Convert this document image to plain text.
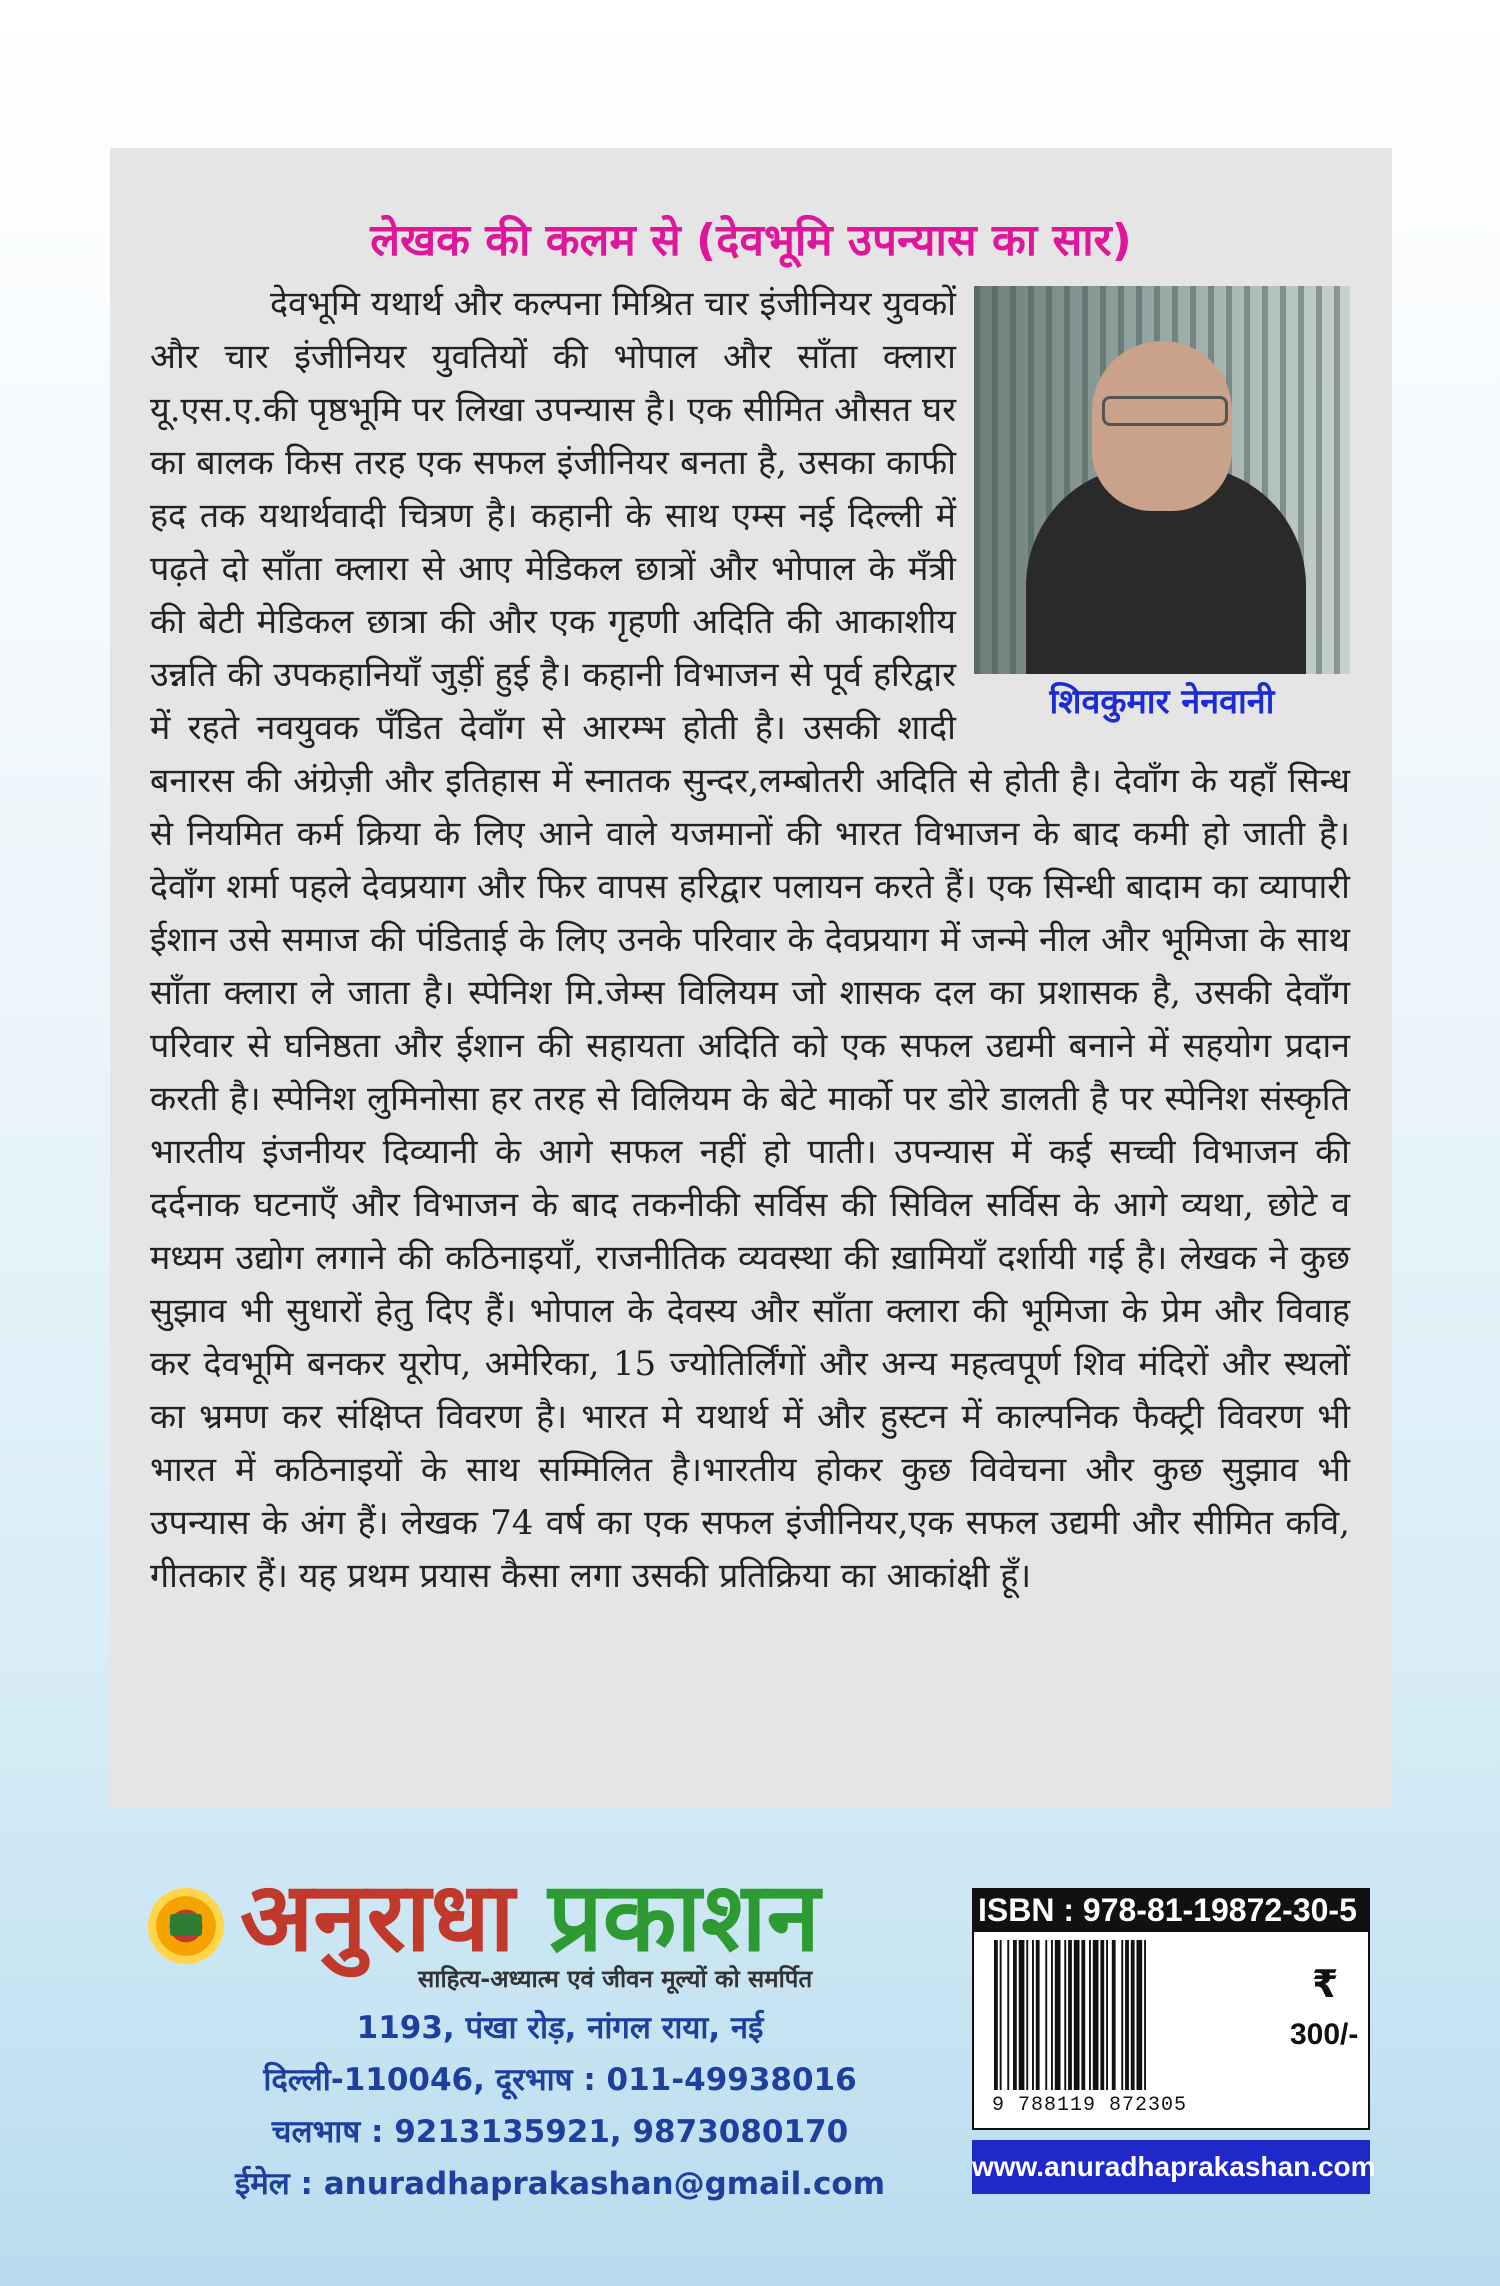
लेखक की कलम से (देवभूमि उपन्यास का सार)
शिवकुमार नेनवानी
देवभूमि यथार्थ और कल्पना मिश्रित चार इंजीनियर युवकों और चार इंजीनियर युवतियों की भोपाल और सॉंता क्लारा यू.एस.ए.की पृष्ठभूमि पर लिखा उपन्यास है। एक सीमित औसत घर का बालक किस तरह एक सफल इंजीनियर बनता है, उसका काफी हद तक यथार्थवादी चित्रण है। कहानी के साथ एम्स नई दिल्ली में पढ़ते दो सॉंता क्लारा से आए मेडिकल छात्रों और भोपाल के मँत्री की बेटी मेडिकल छात्रा की और एक गृहणी अदिति की आकाशीय उन्नति की उपकहानियाँ जुड़ीं हुई है। कहानी विभाजन से पूर्व हरिद्वार में रहते नवयुवक पँडित देवाँग से आरम्भ होती है। उसकी शादी बनारस की अंग्रेज़ी और इतिहास में स्नातक सुन्दर,लम्बोतरी अदिति से होती है। देवाँग के यहाँ सिन्ध से नियमित कर्म क्रिया के लिए आने वाले यजमानों की भारत विभाजन के बाद कमी हो जाती है। देवाँग शर्मा पहले देवप्रयाग और फिर वापस हरिद्वार पलायन करते हैं। एक सिन्धी बादाम का व्यापारी ईशान उसे समाज की पंडिताई के लिए उनके परिवार के देवप्रयाग में जन्मे नील और भूमिजा के साथ सॉंता क्लारा ले जाता है। स्पेनिश मि.जेम्स विलियम जो शासक दल का प्रशासक है, उसकी देवाँग परिवार से घनिष्ठता और ईशान की सहायता अदिति को एक सफल उद्यमी बनाने में सहयोग प्रदान करती है। स्पेनिश लुमिनोसा हर तरह से विलियम के बेटे मार्को पर डोरे डालती है पर स्पेनिश संस्कृति भारतीय इंजनीयर दिव्यानी के आगे सफल नहीं हो पाती। उपन्यास में कई सच्ची विभाजन की दर्दनाक घटनाएँ और विभाजन के बाद तकनीकी सर्विस की सिविल सर्विस के आगे व्यथा, छोटे व मध्यम उद्योग लगाने की कठिनाइयाँ, राजनीतिक व्यवस्था की ख़ामियाँ दर्शायी गई है। लेखक ने कुछ सुझाव भी सुधारों हेतु दिए हैं। भोपाल के देवस्य और सॉंता क्लारा की भूमिजा के प्रेम और विवाह कर देवभूमि बनकर यूरोप, अमेरिका, 15 ज्योतिर्लिंगों और अन्य महत्वपूर्ण शिव मंदिरों और स्थलों का भ्रमण कर संक्षिप्त विवरण है। भारत मे यथार्थ में और हुस्टन में काल्पनिक फैक्ट्री विवरण भी भारत में कठिनाइयों के साथ सम्मिलित है।भारतीय होकर कुछ विवेचना और कुछ सुझाव भी उपन्यास के अंग हैं। लेखक 74 वर्ष का एक सफल इंजीनियर,एक सफल उद्यमी और सीमित कवि, गीतकार हैं। यह प्रथम प्रयास कैसा लगा उसकी प्रतिक्रिया का आकांक्षी हूँ।
अनुराधा प्रकाशन
साहित्य-अध्यात्म एवं जीवन मूल्यों को समर्पित
1193, पंखा रोड़, नांगल राया, नई
दिल्ली-110046, दूरभाष : 011-49938016
चलभाष : 9213135921, 9873080170
ईमेल : anuradhaprakashan@gmail.com
ISBN : 978-81-19872-30-5
9 788119 872305
₹
300/-
www.anuradhaprakashan.com
